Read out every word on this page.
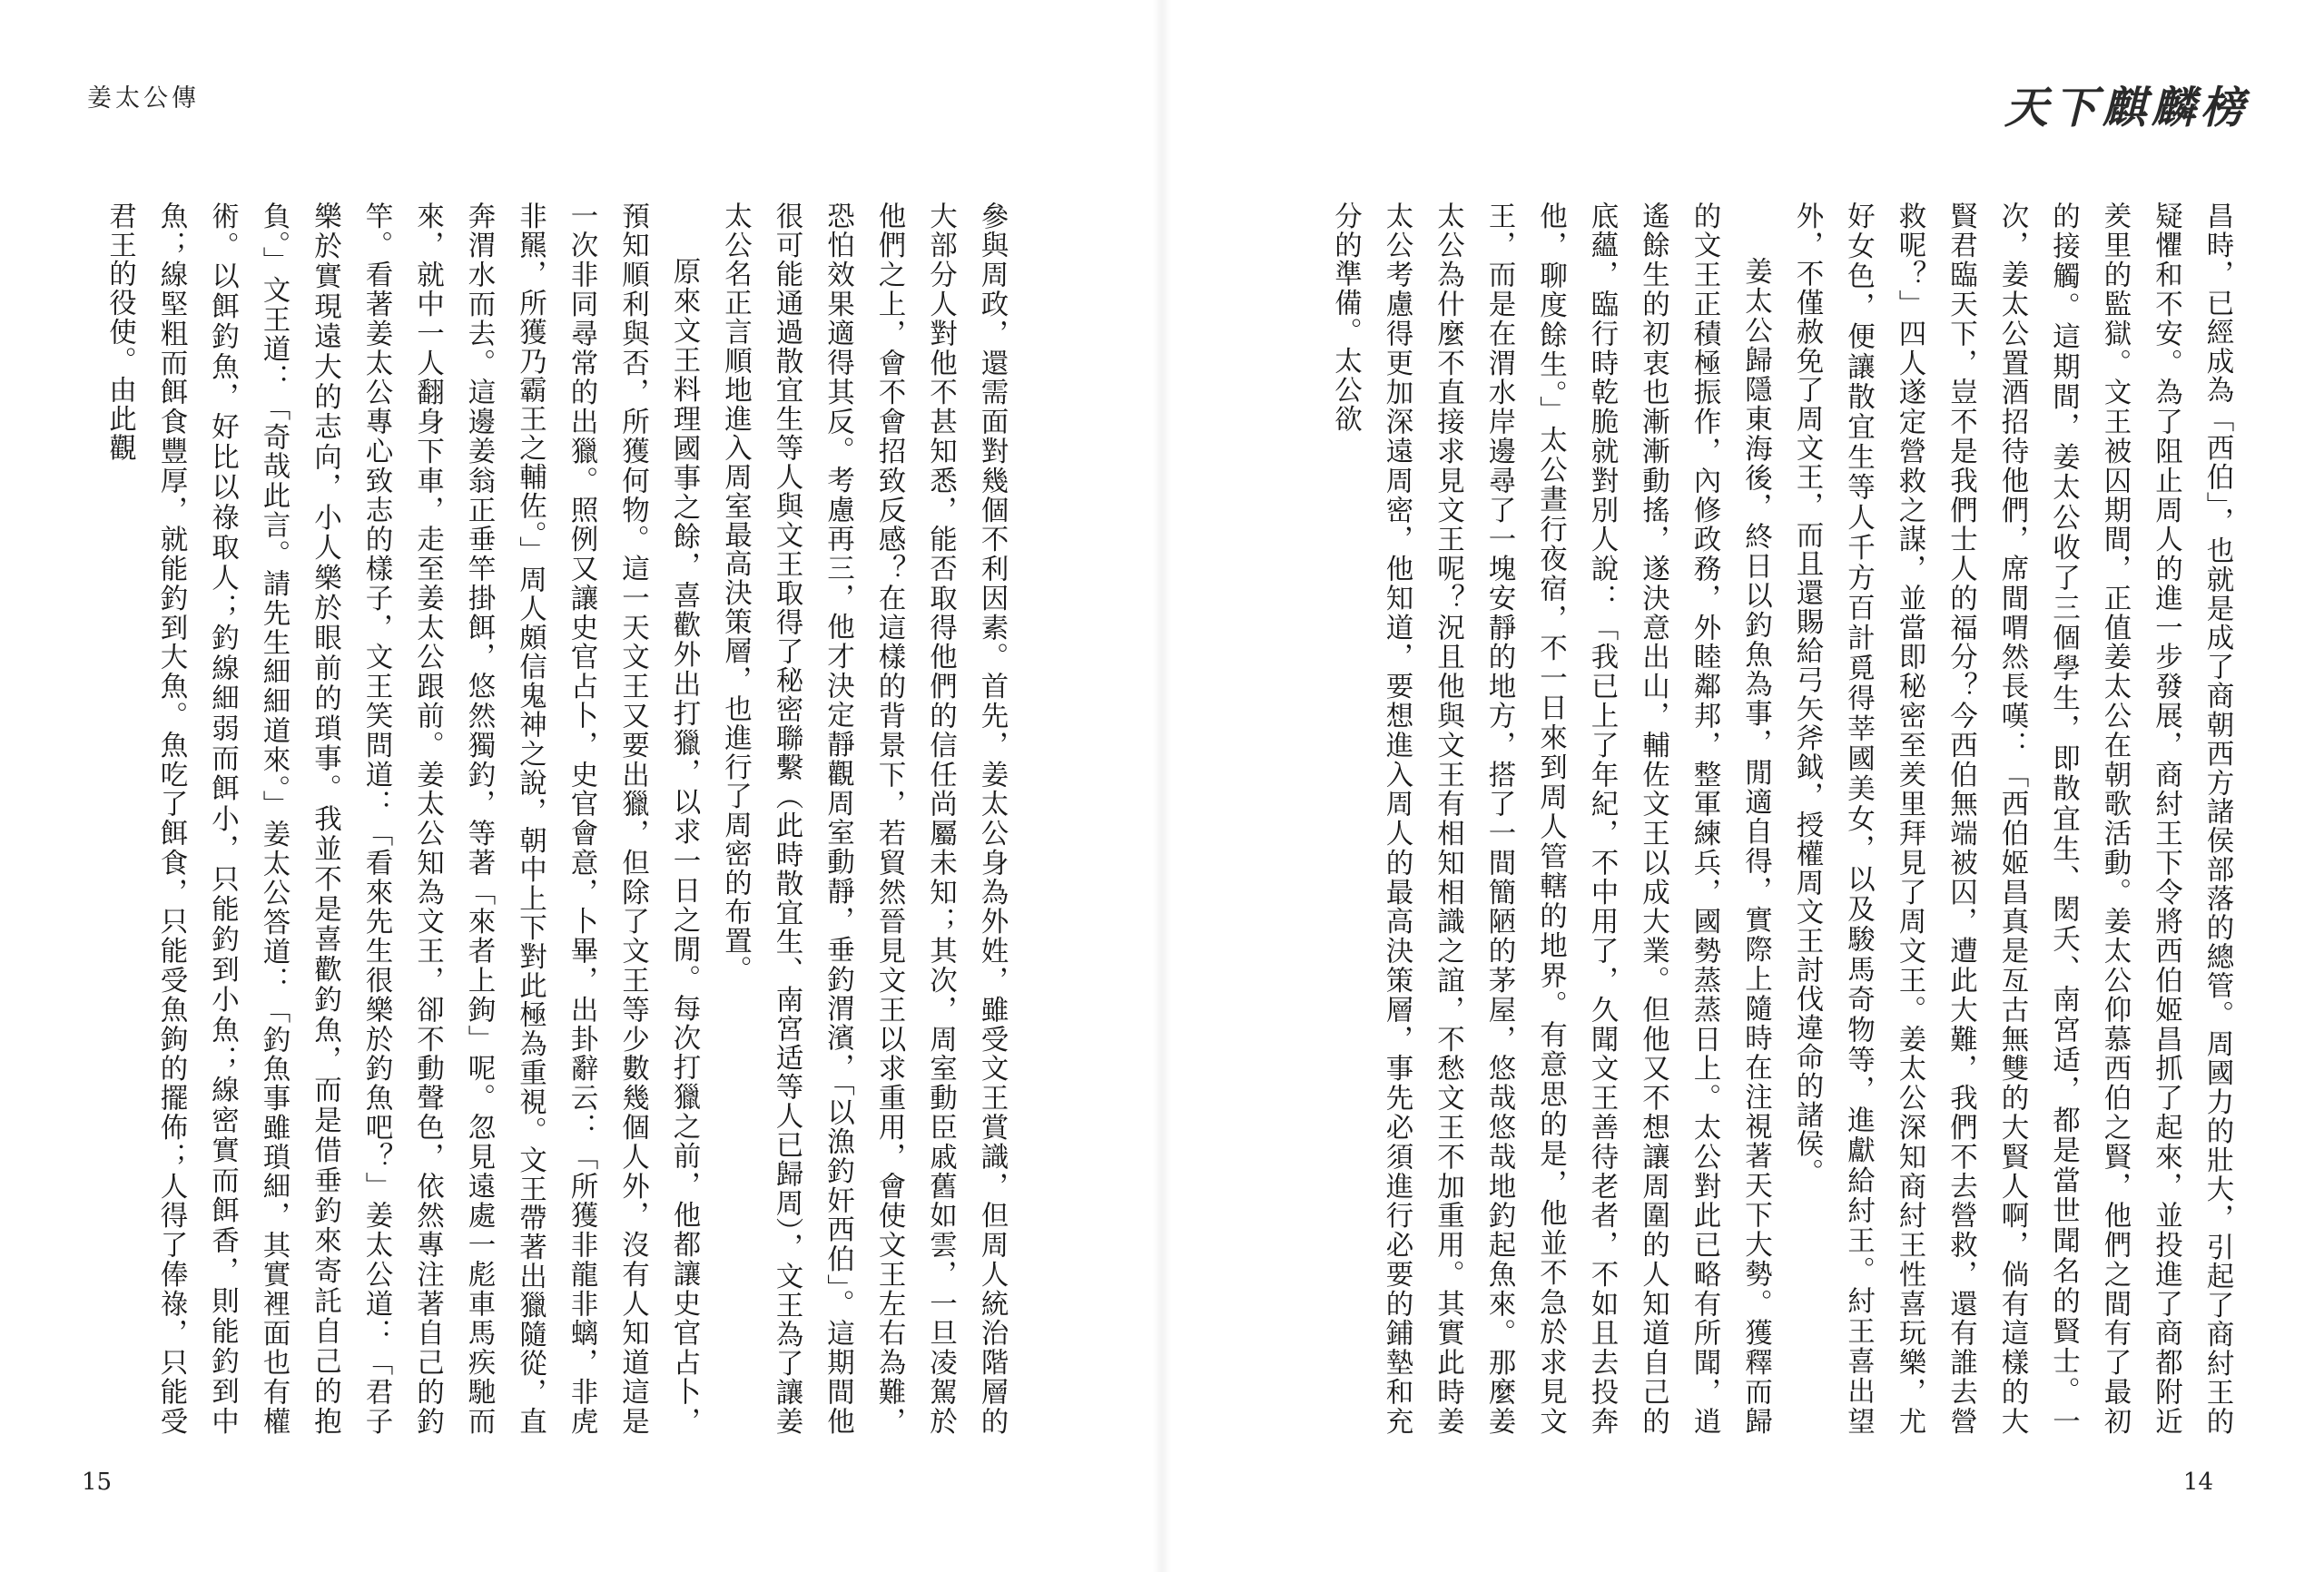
姜太公傳	天下麒麟榜

昌時，已經成為「西伯」，也就是成了商朝西方諸侯部落的總管。周國力的壯大，引起了商紂王的疑懼和不安。為了阻止周人的進一步發展，商紂王下令將西伯姬昌抓了起來，並投進了商都附近羑里的監獄。文王被囚期間，正值姜太公在朝歌活動。姜太公仰慕西伯之賢，他們之間有了最初的接觸。這期間，姜太公收了三個學生，即散宜生、閎夭、南宮适，都是當世聞名的賢士。一次，姜太公置酒招待他們，席間喟然長嘆：「西伯姬昌真是亙古無雙的大賢人啊，倘有這樣的大賢君臨天下，豈不是我們士人的福分？今西伯無端被囚，遭此大難，我們不去營救，還有誰去營救呢？」四人遂定營救之謀，並當即秘密至羑里拜見了周文王。姜太公深知商紂王性喜玩樂，尤好女色，便讓散宜生等人千方百計覓得莘國美女，以及駿馬奇物等，進獻給紂王。紂王喜出望外，不僅赦免了周文王，而且還賜給弓矢斧鉞，授權周文王討伐違命的諸侯。

姜太公歸隱東海後，終日以釣魚為事，閒適自得，實際上隨時在注視著天下大勢。獲釋而歸的文王正積極振作，內修政務，外睦鄰邦，整軍練兵，國勢蒸蒸日上。太公對此已略有所聞，逍遙餘生的初衷也漸漸動搖，遂決意出山，輔佐文王以成大業。但他又不想讓周圍的人知道自己的底蘊，臨行時乾脆就對別人說：「我已上了年紀，不中用了，久聞文王善待老者，不如且去投奔他，聊度餘生。」太公晝行夜宿，不一日來到周人管轄的地界。有意思的是，他並不急於求見文王，而是在渭水岸邊尋了一塊安靜的地方，搭了一間簡陋的茅屋，悠哉悠哉地釣起魚來。那麼姜太公為什麼不直接求見文王呢？況且他與文王有相知相識之誼，不愁文王不加重用。其實此時姜太公考慮得更加深遠周密，他知道，要想進入周人的最高決策層，事先必須進行必要的鋪墊和充分的準備。太公欲

參與周政，還需面對幾個不利因素。首先，姜太公身為外姓，雖受文王賞識，但周人統治階層的大部分人對他不甚知悉，能否取得他們的信任尚屬未知；其次，周室動臣戚舊如雲，一旦凌駕於他們之上，會不會招致反感？在這樣的背景下，若貿然晉見文王以求重用，會使文王左右為難，恐怕效果適得其反。考慮再三，他才決定靜觀周室動靜，垂釣渭濱，「以漁釣奸西伯」。這期間他很可能通過散宜生等人與文王取得了秘密聯繫（此時散宜生、南宮适等人已歸周），文王為了讓姜太公名正言順地進入周室最高決策層，也進行了周密的布置。

原來文王料理國事之餘，喜歡外出打獵，以求一日之閒。每次打獵之前，他都讓史官占卜，預知順利與否，所獲何物。這一天文王又要出獵，但除了文王等少數幾個人外，沒有人知道這是一次非同尋常的出獵。照例又讓史官占卜，史官會意，卜畢，出卦辭云：「所獲非龍非螭，非虎非羆，所獲乃霸王之輔佐。」周人頗信鬼神之說，朝中上下對此極為重視。文王帶著出獵隨從，直奔渭水而去。這邊姜翁正垂竿掛餌，悠然獨釣，等著「來者上鉤」呢。忽見遠處一彪車馬疾馳而來，就中一人翻身下車，走至姜太公跟前。姜太公知為文王，卻不動聲色，依然專注著自己的釣竿。看著姜太公專心致志的樣子，文王笑問道：「看來先生很樂於釣魚吧？」姜太公道：「君子樂於實現遠大的志向，小人樂於眼前的瑣事。我並不是喜歡釣魚，而是借垂釣來寄託自己的抱負。」文王道：「奇哉此言。請先生細細道來。」姜太公答道：「釣魚事雖瑣細，其實裡面也有權術。以餌釣魚，好比以祿取人；釣線細弱而餌小，只能釣到小魚；線密實而餌香，則能釣到中魚；線堅粗而餌食豐厚，就能釣到大魚。魚吃了餌食，只能受魚鉤的擺佈；人得了俸祿，只能受君王的役使。由此觀

15	14
